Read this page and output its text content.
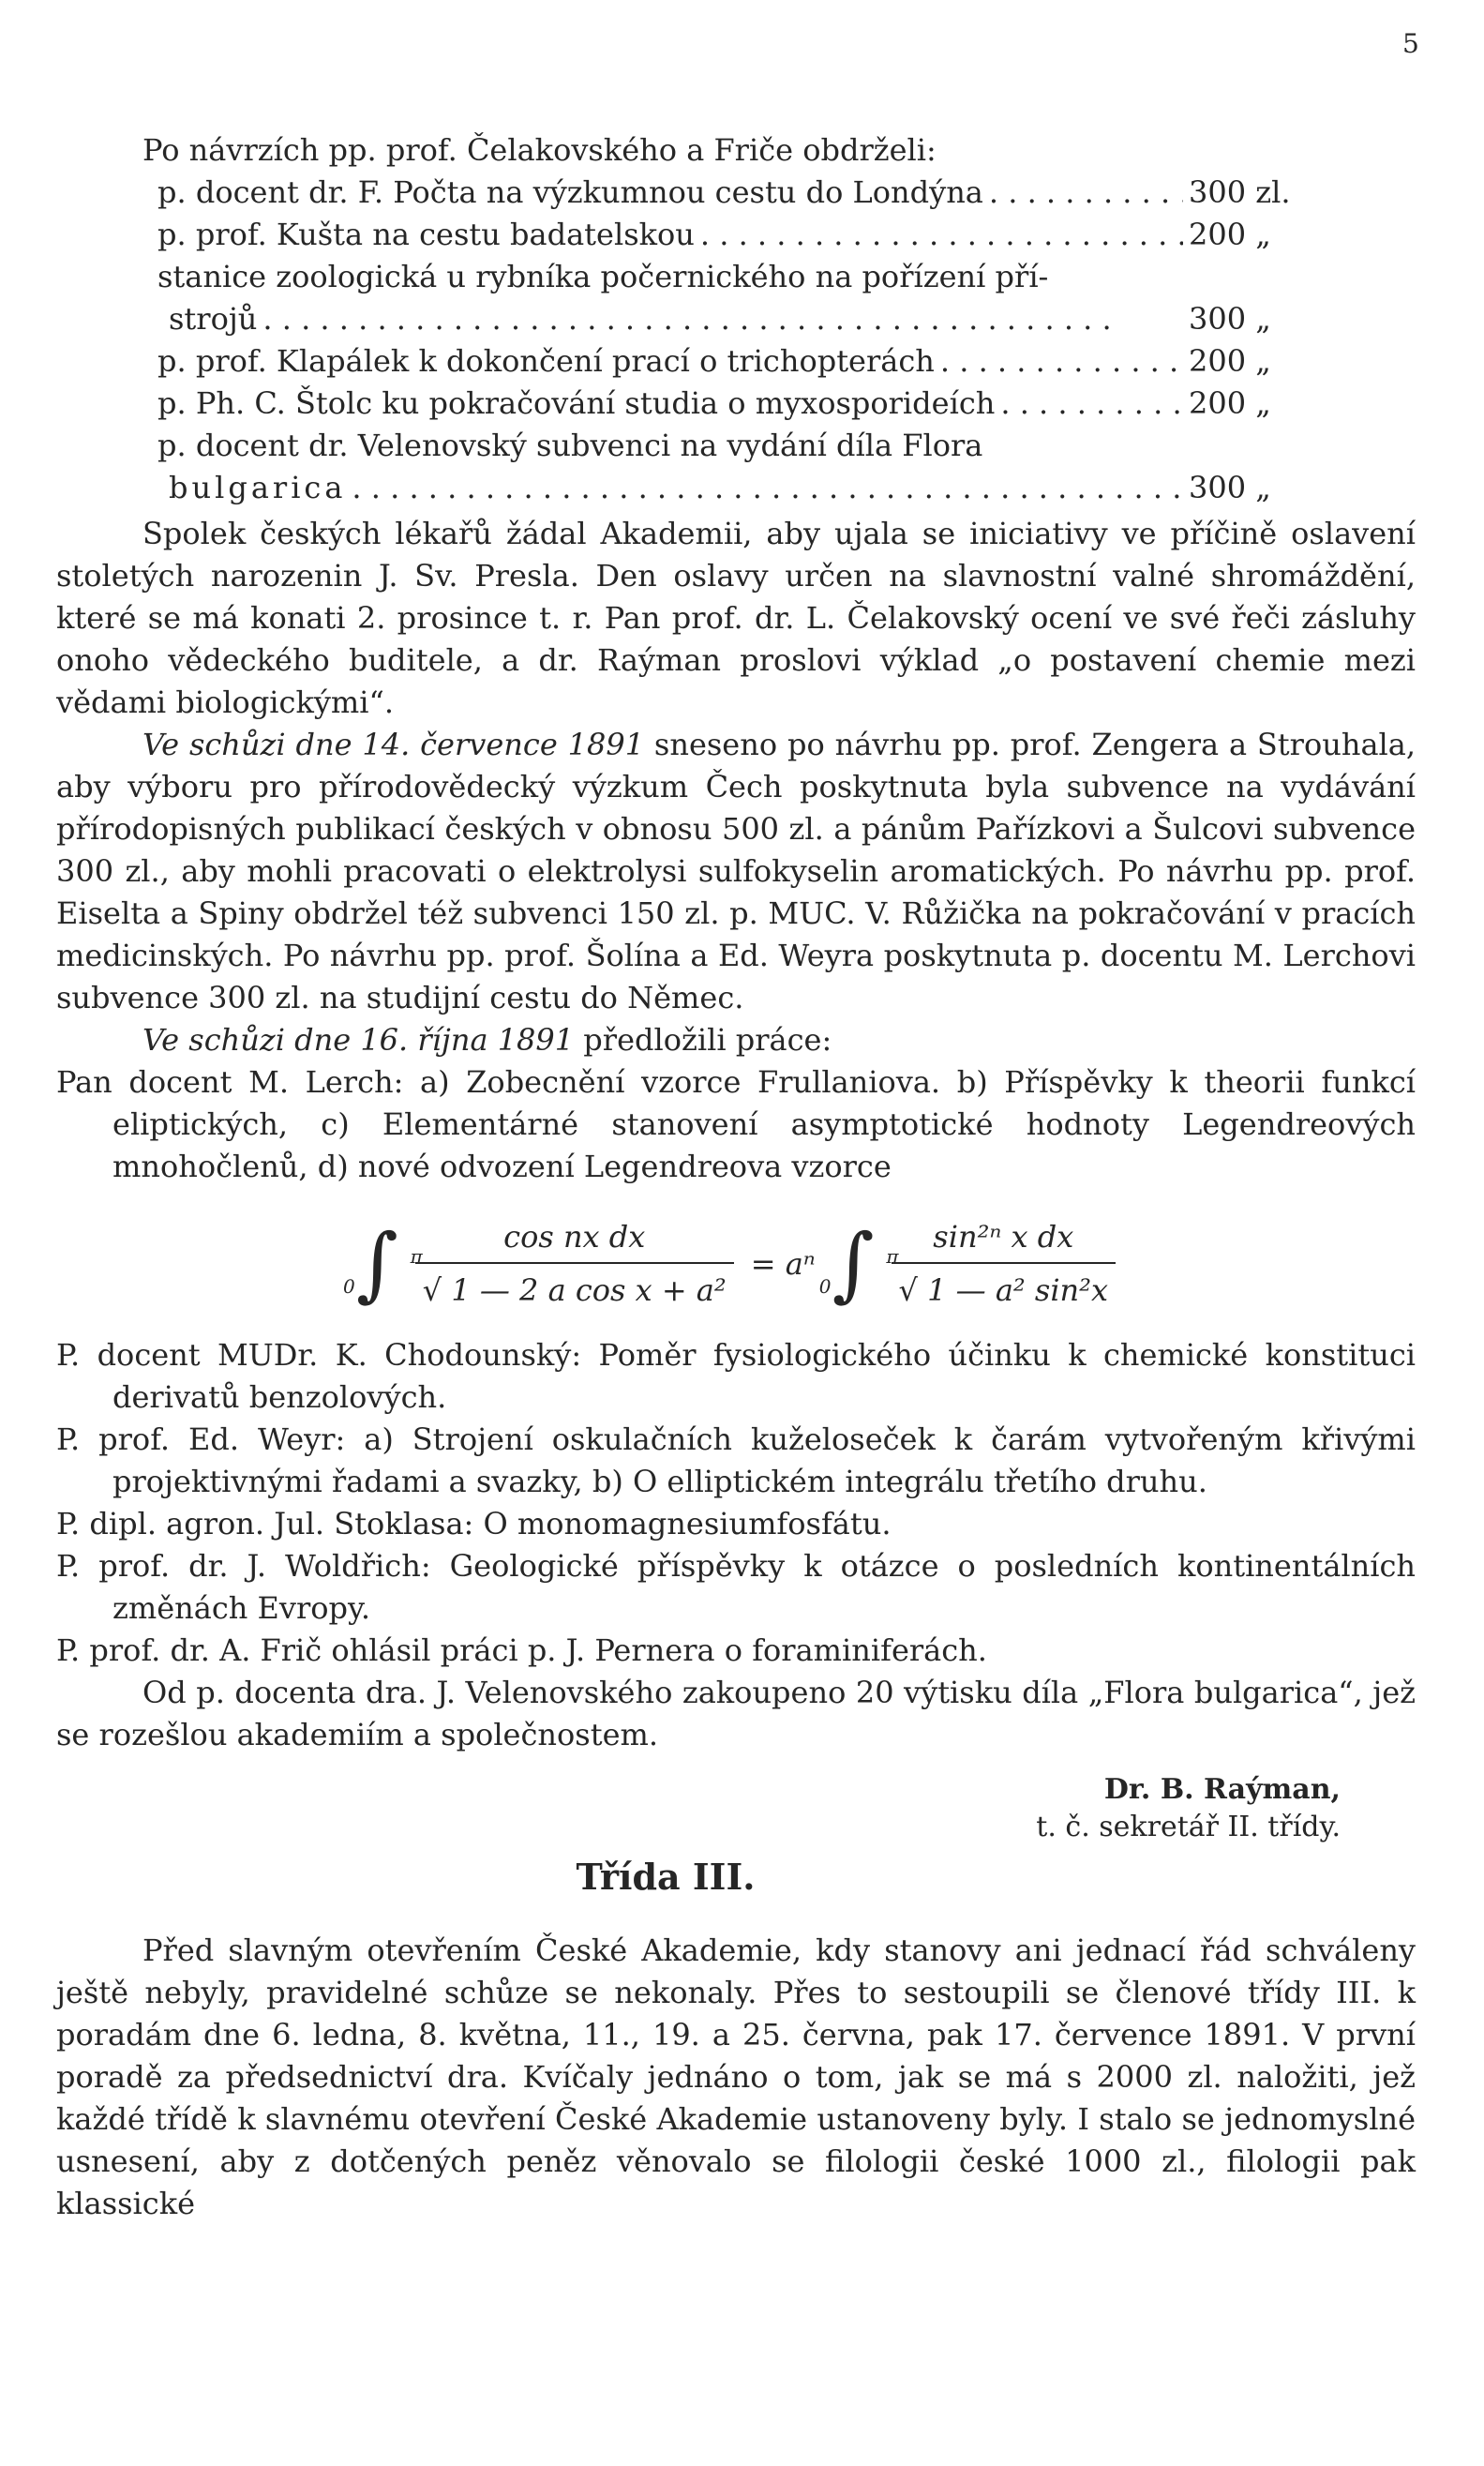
5

Po návrzích pp. prof. Čelakovského a Friče obdrželi:

p. docent dr. F. Počta na výzkumnou cestu do Londýna . . .	300 zl.
p. prof. Kušta na cestu badatelskou . . .	200 „
stanice zoologická u rybníka počernického na pořízení pří-
strojů . . .	300 „
p. prof. Klapálek k dokončení prací o trichopterách . . .	200 „
p. Ph. C. Štolc ku pokračování studia o myxosporideích . . .	200 „
p. docent dr. Velenovský subvenci na vydání díla Flora
bulgarica . . .	300 „

Spolek českých lékařů žádal Akademii, aby ujala se iniciativy ve příčině oslavení stoletých narozenin J. Sv. Presla. Den oslavy určen na slavnostní valné shromáždění, které se má konati 2. prosince t. r. Pan prof. dr. L. Čelakovský ocení ve své řeči zásluhy onoho vědeckého buditele, a dr. Raýman proslovi výklad „o postavení chemie mezi vědami biologickými“.

Ve schůzi dne 14. července 1891 sneseno po návrhu pp. prof. Zengera a Strouhala, aby výboru pro přírodovědecký výzkum Čech poskytnuta byla subvence na vydávání přírodopisných publikací českých v obnosu 500 zl. a pánům Pařízkovi a Šulcovi subvence 300 zl., aby mohli pracovati o elektrolysi sulfokyselin aromatických. Po návrhu pp. prof. Eiselta a Spiny obdržel též subvenci 150 zl. p. MUC. V. Růžička na pokračování v pracích medicinských. Po návrhu pp. prof. Šolína a Ed. Weyra poskytnuta p. docentu M. Lerchovi subvence 300 zl. na studijní cestu do Němec.

Ve schůzi dne 16. října 1891 předložili práce:

Pan docent M. Lerch: a) Zobecnění vzorce Frullaniova. b) Příspěvky k theorii funkcí eliptických, c) Elementárné stanovení asymptotické hodnoty Legendreových mnohočlenů, d) nové odvození Legendreova vzorce

∫ π
$0 \frac{\text{cos nx dx}}{\text{√ 1 — 2 a cos x + a²}} = a^n$ ∫ π
$0 \frac{\text{sin²ⁿ x dx}}{\text{√ 1 — a² sin²x}}$

P. docent MUDr. K. Chodounský: Poměr fysiologického účinku k chemické konstituci derivatů benzolových.

P. prof. Ed. Weyr: a) Strojení oskulačních kuželoseček k čarám vytvořeným křivými projektivnými řadami a svazky, b) O elliptickém integrálu třetího druhu.

P. dipl. agron. Jul. Stoklasa: O monomagnesiumfosfátu.

P. prof. dr. J. Woldřich: Geologické příspěvky k otázce o posledních kontinentálních změnách Evropy.

P. prof. dr. A. Frič ohlásil práci p. J. Pernera o foraminiferách.

Od p. docenta dra. J. Velenovského zakoupeno 20 výtisku díla „Flora bulgarica“, jež se rozešlou akademiím a společnostem.

Dr. B. Raýman,
t. č. sekretář II. třídy.
Třída III.

Před slavným otevřením České Akademie, kdy stanovy ani jednací řád schváleny ještě nebyly, pravidelné schůze se nekonaly. Přes to sestoupili se členové třídy III. k poradám dne 6. ledna, 8. května, 11., 19. a 25. června, pak 17. července 1891. V první poradě za předsednictví dra. Kvíčaly jednáno o tom, jak se má s 2000 zl. naložiti, jež každé třídě k slavnému otevření České Akademie ustanoveny byly. I stalo se jednomyslné usnesení, aby z dotčených peněz věnovalo se filologii české 1000 zl., filologii pak klassické
